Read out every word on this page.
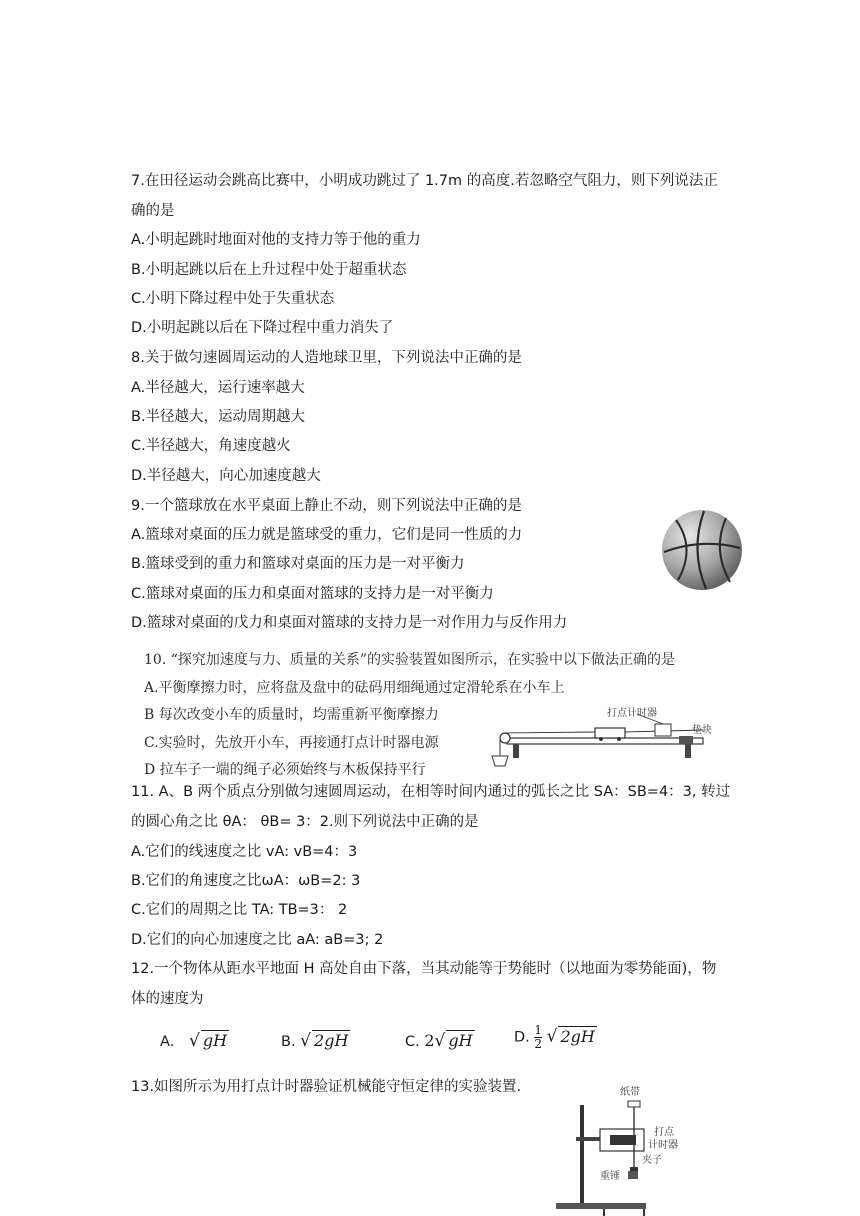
7.在田径运动会跳高比赛中，小明成功跳过了 1.7m 的高度.若忽略空气阻力，则下列说法正
确的是
A.小明起跳时地面对他的支持力等于他的重力
B.小明起跳以后在上升过程中处于超重状态
C.小明下降过程中处于失重状态
D.小明起跳以后在下降过程中重力消失了
8.关于做匀速圆周运动的人造地球卫里，下列说法中正确的是
A.半径越大，运行速率越大
B.半径越大，运动周期越大
C.半径越大，角速度越火
D.半径越大，向心加速度越大
9.一个篮球放在水平桌面上静止不动，则下列说法中正确的是
A.篮球对桌面的压力就是篮球受的重力，它们是同一性质的力
B.篮球受到的重力和篮球对桌面的压力是一对平衡力
C.篮球对桌面的压力和桌面对篮球的支持力是一对平衡力
D.篮球对桌面的戊力和桌面对篮球的支持力是一对作用力与反作用力
10. “探究加速度与力、质量的关系”的实验装置如图所示，在实验中以下做法正确的是
A.平衡摩擦力时，应将盘及盘中的砝码用细绳通过定滑轮系在小车上
B 每次改变小车的质量时，均需重新平衡摩擦力
C.实验时，先放开小车，再接通打点计时器电源
D 拉车子一端的绳子必须始终与木板保持平行
打点计时器
垫块
11. A、B 两个质点分别做匀速圆周运动，在相等时间内通过的弧长之比 SA：SB=4：3, 转过
的圆心角之比 θA： θB= 3：2.则下列说法中正确的是
A.它们的线速度之比 vA: vB=4：3
B.它们的角速度之比ωA：ωB=2: 3
C.它们的周期之比 TA: TB=3： 2
D.它们的向心加速度之比 aA: aB=3; 2
12.一个物体从距水平地面 H 高处自由下落，当其动能等于势能时（以地面为零势能面)，物
体的速度为
A． √ gH	B. √ 2gH	C. 2√ gH	D. $\frac{1}{2}$ √ 2gH
13.如图所示为用打点计时器验证机械能守恒定律的实验装置.	纸带
打点
计时器
夹子
重锤
